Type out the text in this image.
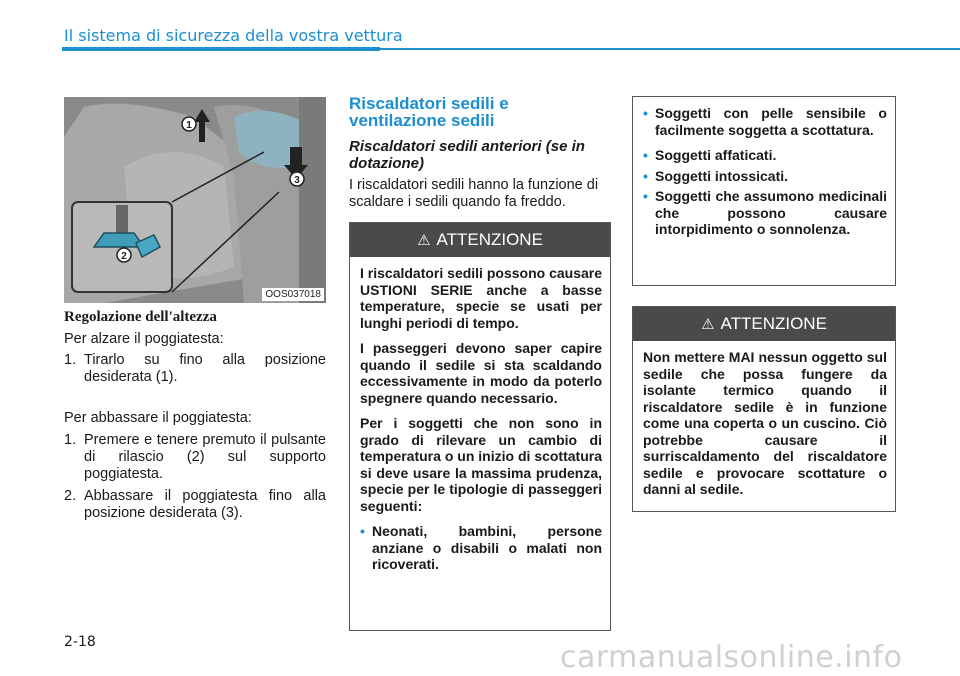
Il sistema di sicurezza della vostra vettura
1
3
2
OOS037018
Regolazione dell'altezza
Per alzare il poggiatesta:
1. Tirarlo su fino alla posizione desiderata (1).
Per abbassare il poggiatesta:
1. Premere e tenere premuto il pulsante di rilascio (2) sul supporto poggiatesta.
2. Abbassare il poggiatesta fino alla posizione desiderata (3).
Riscaldatori sedili e ventilazione sedili
Riscaldatori sedili anteriori (se in dotazione)
I riscaldatori sedili hanno la funzione di scaldare i sedili quando fa freddo.
⚠ ATTENZIONE

I riscaldatori sedili possono causare USTIONI SERIE anche a basse temperature, specie se usati per lunghi periodi di tempo.

I passeggeri devono saper capire quando il sedile si sta scaldando eccessivamente in modo da poterlo spegnere quando necessario.

Per i soggetti che non sono in grado di rilevare un cambio di temperatura o un inizio di scottatura si deve usare la massima prudenza, specie per le tipologie di passeggeri seguenti:

• Neonati, bambini, persone anziane o disabili o malati non ricoverati.
• Soggetti con pelle sensibile o facilmente soggetta a scottatura.
• Soggetti affaticati.
• Soggetti intossicati.
• Soggetti che assumono medicinali che possono causare intorpidimento o sonnolenza.
⚠ ATTENZIONE

Non mettere MAI nessun oggetto sul sedile che possa fungere da isolante termico quando il riscaldatore sedile è in funzione come una coperta o un cuscino. Ciò potrebbe causare il surriscaldamento del riscaldatore sedile e provocare scottature o danni al sedile.

2-18	carmanualsonline.info
